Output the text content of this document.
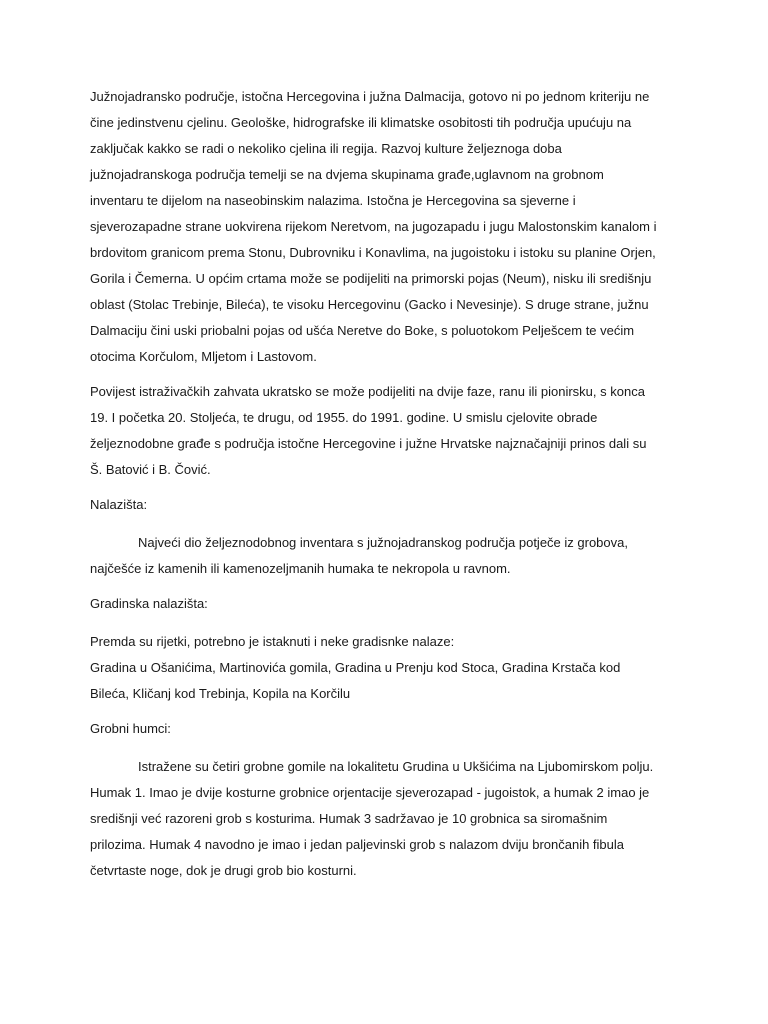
Južnojadransko područje, istočna Hercegovina i južna Dalmacija, gotovo ni po jednom kriteriju ne čine jedinstvenu cjelinu. Geološke, hidrografske ili klimatske osobitosti tih područja upućuju na zaključak kakko se radi o nekoliko cjelina ili regija. Razvoj kulture željeznoga doba južnojadranskoga područja temelji se na dvjema skupinama građe,uglavnom na grobnom inventaru te dijelom na naseobinskim nalazima. Istočna je Hercegovina sa sjeverne i sjeverozapadne strane uokvirena rijekom Neretvom, na jugozapadu i jugu Malostonskim kanalom i brdovitom granicom prema Stonu, Dubrovniku i Konavlima, na jugoistoku i istoku su planine Orjen, Gorila i Čemerna. U općim crtama može se podijeliti na primorski pojas (Neum), nisku ili središnju oblast (Stolac Trebinje, Bileća), te visoku Hercegovinu (Gacko i Nevesinje). S druge strane, južnu Dalmaciju čini uski priobalni pojas od ušća Neretve do Boke, s poluotokom Pelješcem te većim otocima Korčulom, Mljetom i Lastovom.

Povijest istraživačkih zahvata ukratsko se može podijeliti na dvije faze, ranu ili pionirsku, s konca 19. I početka 20. Stoljeća, te drugu, od 1955. do 1991. godine. U smislu cjelovite obrade željeznodobne građe s područja istočne Hercegovine i južne Hrvatske najznačajniji prinos dali su Š. Batović i B. Čović.

Nalazišta:

Najveći dio željeznodobnog inventara s južnojadranskog područja potječe iz grobova, najčešće iz kamenih ili kamenozeljmanih humaka te nekropola u ravnom.

Gradinska nalazišta:

Premda su rijetki, potrebno je istaknuti i neke gradisnke nalaze:
Gradina u Ošanićima, Martinovića gomila, Gradina u Prenju kod Stoca, Gradina Krstača kod Bileća, Kličanj kod Trebinja, Kopila na Korčilu

Grobni humci:

Istražene su četiri grobne gomile na lokalitetu Grudina u Ukšićima na Ljubomirskom polju. Humak 1. Imao je dvije kosturne grobnice orjentacije sjeverozapad - jugoistok, a humak 2 imao je središnji već razoreni grob s kosturima. Humak 3 sadržavao je 10 grobnica sa siromašnim prilozima. Humak 4 navodno je imao i jedan paljevinski grob s nalazom dviju brončanih fibula četvrtaste noge, dok je drugi grob bio kosturni.
